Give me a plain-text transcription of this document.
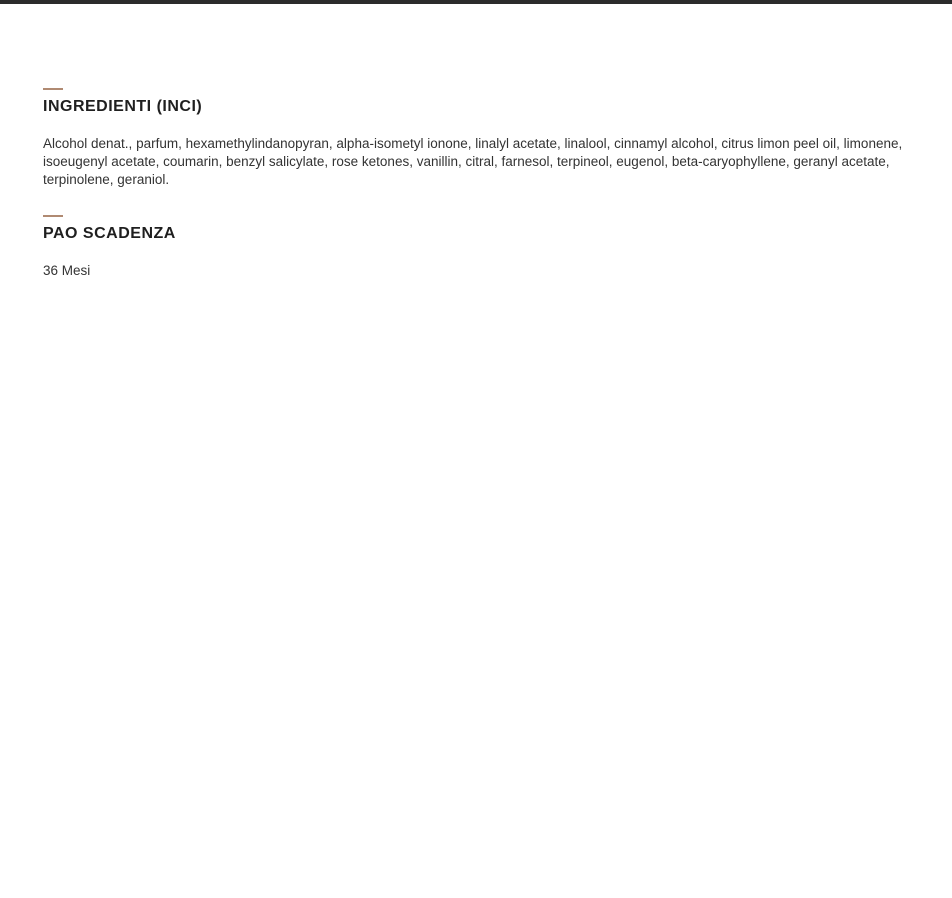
INGREDIENTI (INCI)

Alcohol denat., parfum, hexamethylindanopyran, alpha-isometyl ionone, linalyl acetate, linalool, cinnamyl alcohol, citrus limon peel oil, limonene, isoeugenyl acetate, coumarin, benzyl salicylate, rose ketones, vanillin, citral, farnesol, terpineol, eugenol, beta-caryophyllene, geranyl acetate, terpinolene, geraniol.

PAO SCADENZA

36 Mesi
